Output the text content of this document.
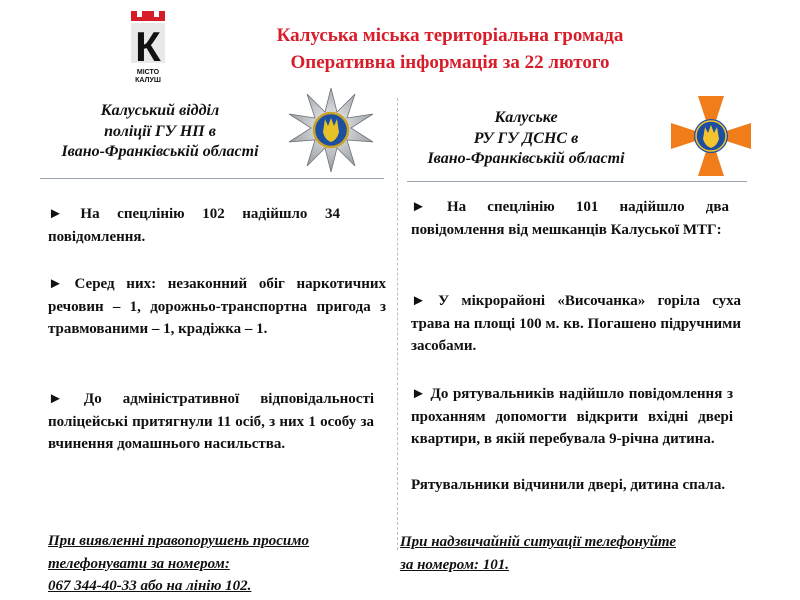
К
МІСТО
КАЛУШ
Калуська міська територіальна громада
Оперативна інформація за 22 лютого
Калуський відділ
поліції ГУ НП в
Івано-Франківській області
Калуське
РУ ГУ ДСНС в
Івано-Франківській області

► На спецлінію 102 надійшло 34 повідомлення.

► Серед них: незаконний обіг наркотичних речовин – 1, дорожньо-транспортна пригода з травмованими – 1, крадіжка – 1.

► До адміністративної відповідальності поліцейські притягнули 11 осіб, з них 1 особу за вчинення домашнього насильства.

► На спецлінію 101 надійшло два повідомлення від мешканців Калуської МТГ:

► У мікрорайоні «Височанка» горіла суха трава на площі 100 м. кв. Погашено підручними засобами.

► До рятувальників надійшло повідомлення з проханням допомогти відкрити вхідні двері квартири, в якій перебувала 9-річна дитина.

Рятувальники відчинили двері, дитина спала.

При виявленні правопорушень просимо
телефонувати за номером:
067 344-40-33 або на лінію 102.
При надзвичайній ситуації телефонуйте
за номером: 101.
